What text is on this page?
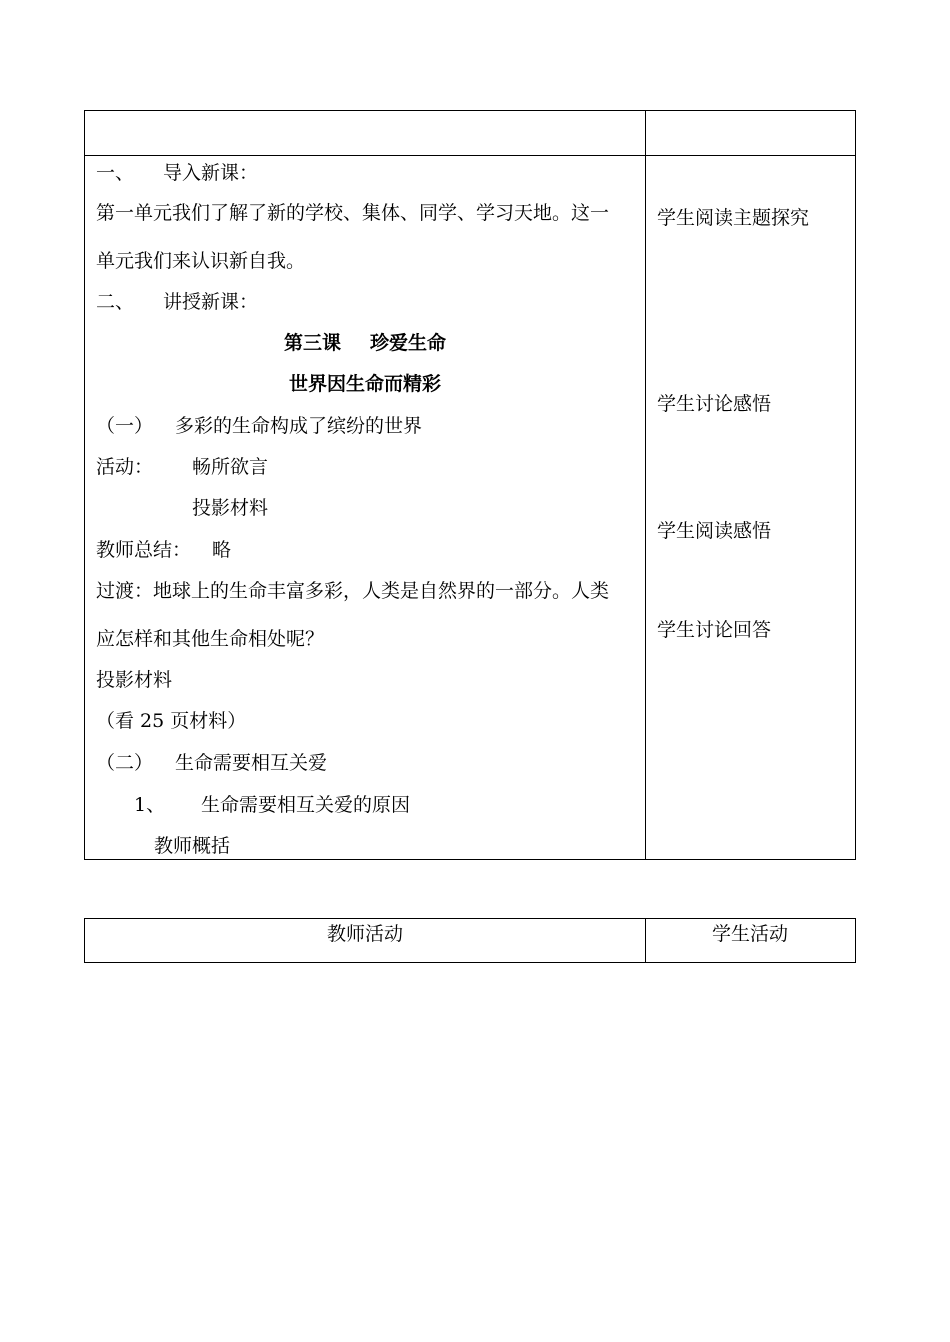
一、 导入新课：
第一单元我们了解了新的学校、集体、同学、学习天地。这一
单元我们来认识新自我。
二、 讲授新课：
第三课 珍爱生命
世界因生命而精彩
（一） 多彩的生命构成了缤纷的世界
活动： 畅所欲言
投影材料
教师总结： 略
过渡：地球上的生命丰富多彩，人类是自然界的一部分。人类
应怎样和其他生命相处呢？
投影材料
（看 25 页材料）
（二） 生命需要相互关爱
1、 生命需要相互关爱的原因
教师概括
学生阅读主题探究
学生讨论感悟
学生阅读感悟
学生讨论回答
教师活动	学生活动
